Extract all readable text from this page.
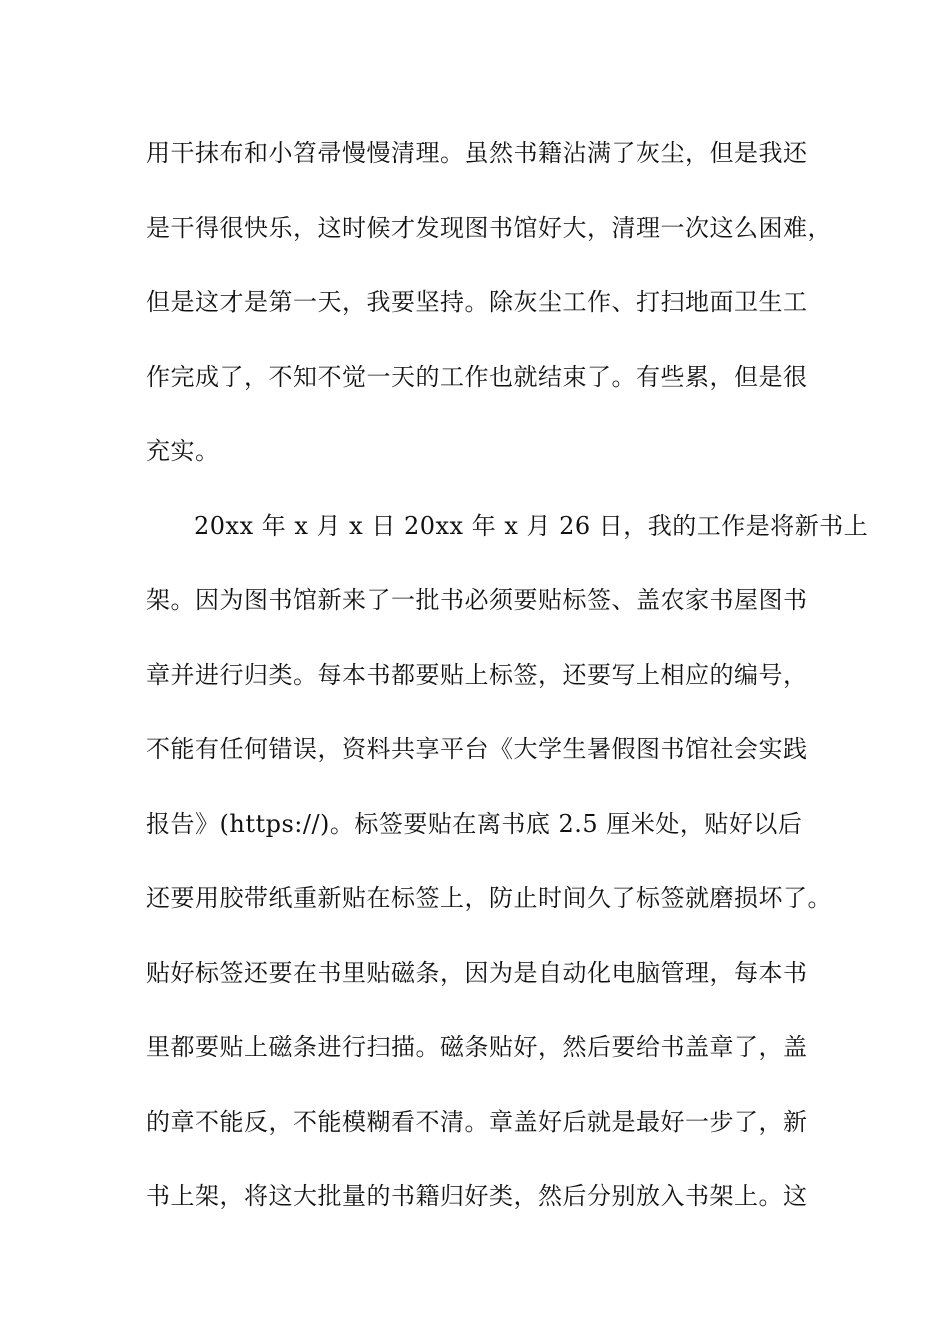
用干抹布和小笤帚慢慢清理。虽然书籍沾满了灰尘，但是我还
是干得很快乐，这时候才发现图书馆好大，清理一次这么困难，
但是这才是第一天，我要坚持。除灰尘工作、打扫地面卫生工
作完成了，不知不觉一天的工作也就结束了。有些累，但是很
充实。
20xx 年 x 月 x 日 20xx 年 x 月 26 日，我的工作是将新书上
架。因为图书馆新来了一批书必须要贴标签、盖农家书屋图书
章并进行归类。每本书都要贴上标签，还要写上相应的编号，
不能有任何错误，资料共享平台《大学生暑假图书馆社会实践
报告》(https://)。标签要贴在离书底 2.5 厘米处，贴好以后
还要用胶带纸重新贴在标签上，防止时间久了标签就磨损坏了。
贴好标签还要在书里贴磁条，因为是自动化电脑管理，每本书
里都要贴上磁条进行扫描。磁条贴好，然后要给书盖章了，盖
的章不能反，不能模糊看不清。章盖好后就是最好一步了，新
书上架，将这大批量的书籍归好类，然后分别放入书架上。这
